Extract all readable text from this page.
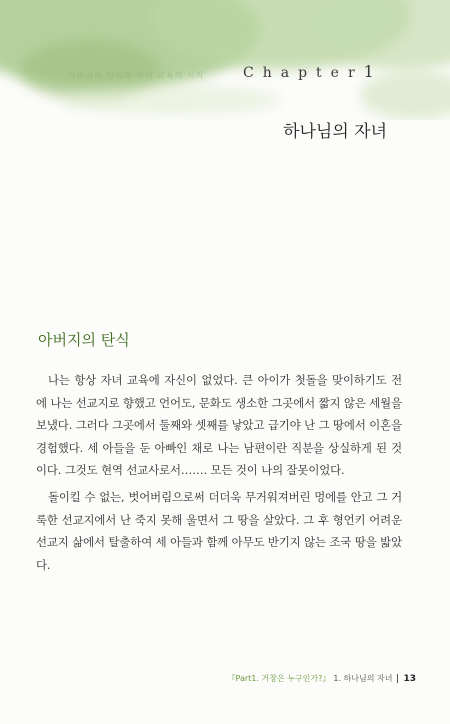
아버지의 탄식과 자녀 교육의 시작	Chapter1
하나님의 자녀
아버지의 탄식

나는 항상 자녀 교육에 자신이 없었다. 큰 아이가 첫돌을 맞이하기도 전에 나는 선교지로 향했고 언어도, 문화도 생소한 그곳에서 짧지 않은 세월을 보냈다. 그러다 그곳에서 둘째와 셋째를 낳았고 급기야 난 그 땅에서 이혼을 경험했다. 세 아들을 둔 아빠인 채로 나는 남편이란 직분을 상실하게 된 것이다. 그것도 현역 선교사로서……. 모든 것이 나의 잘못이었다.

돌이킬 수 없는, 벗어버림으로써 더더욱 무거워져버린 멍에를 안고 그 거룩한 선교지에서 난 죽지 못해 울면서 그 땅을 살았다. 그 후 형언키 어려운 선교지 삶에서 탈출하여 세 아들과 함께 아무도 반기지 않는 조국 땅을 밟았다.

『Part1. 거창은 누구인가?』 1. 하나님의 자녀 13
